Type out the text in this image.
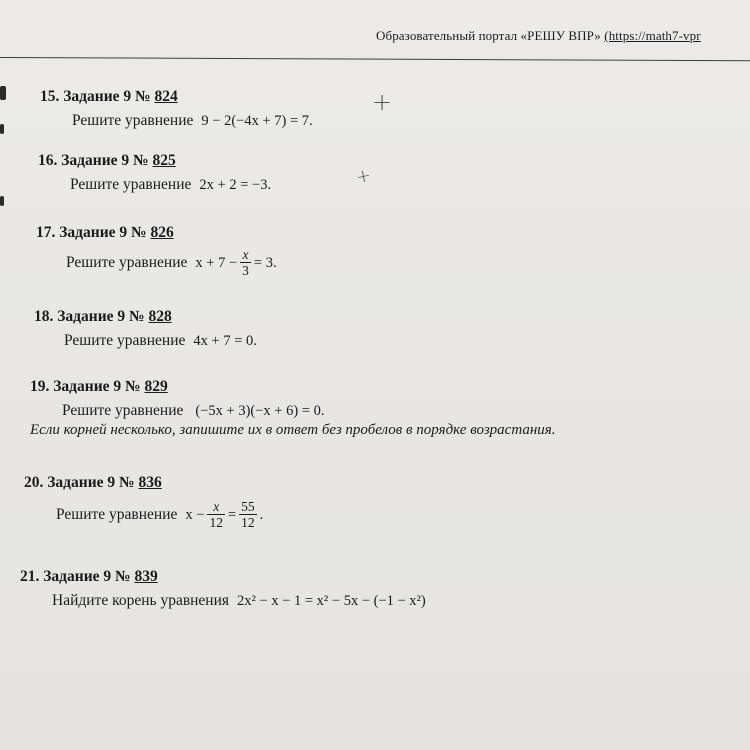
Образовательный портал «РЕШУ ВПР» (https://math7-vpr
15. Задание 9 № 824
Решите уравнение 9 − 2(−4x + 7) = 7.
+
16. Задание 9 № 825
Решите уравнение 2x + 2 = −3.	+
17. Задание 9 № 826
Решите уравнение $x + 7 - \frac{x}{3} = 3$.
18. Задание 9 № 828
Решите уравнение 4x + 7 = 0.
19. Задание 9 № 829
Решите уравнение (−5x + 3)(−x + 6) = 0.
Если корней несколько, запишите их в ответ без пробелов в порядке возрастания.
20. Задание 9 № 836
Решите уравнение $x - \frac{x}{12} = \frac{55}{12}$ .
21. Задание 9 № 839
Найдите корень уравнения 2x² − x − 1 = x² − 5x − (−1 − x²)
